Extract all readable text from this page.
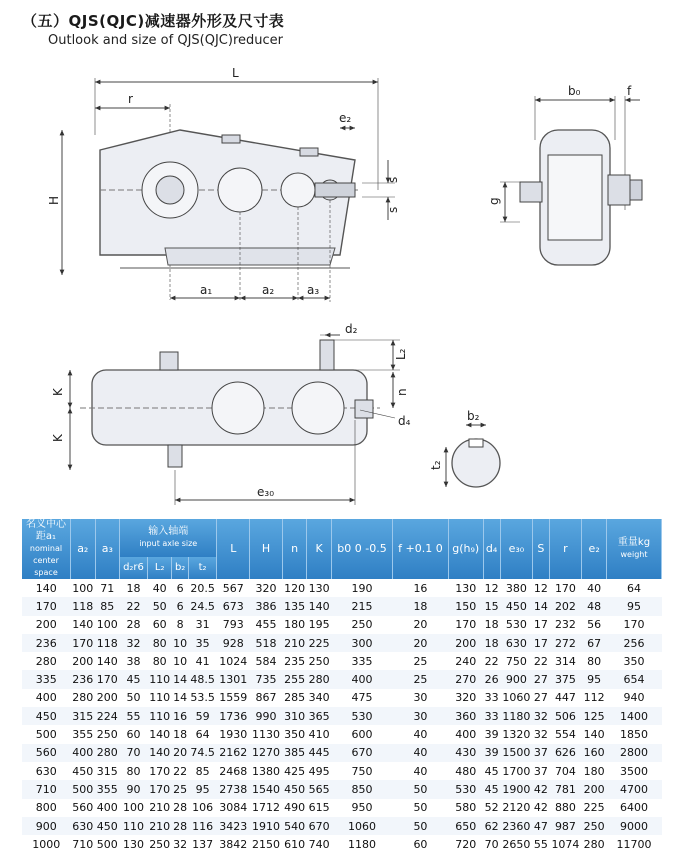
（五）QJS(QJC)减速器外形及尺寸表
Outlook and size of QJS(QJC)reducer
L
r
e₂
H
s
s
a₁	a₂	a₃
b₀	f
g
d₂
L₂
n
K
K
d₄
e₃₀
b₂
t₂
名义中心距a₁
nominal center space	a₂	a₃	输入轴端
input axle size				L	H	n	K	b0 0 -0.5	f +0.1 0	g(h₉)	d₄	e₃₀	S	r	e₂	重量kg
weight

			d₂r6	L₂	b₂	t₂													
140	100	71	18	40	6	20.5	567	320	120	130	190	16	130	12	380	12	170	40	64
170	118	85	22	50	6	24.5	673	386	135	140	215	18	150	15	450	14	202	48	95
200	140	100	28	60	8	31	793	455	180	195	250	20	170	18	530	17	232	56	170
236	170	118	32	80	10	35	928	518	210	225	300	20	200	18	630	17	272	67	256
280	200	140	38	80	10	41	1024	584	235	250	335	25	240	22	750	22	314	80	350
335	236	170	45	110	14	48.5	1301	735	255	280	400	25	270	26	900	27	375	95	654
400	280	200	50	110	14	53.5	1559	867	285	340	475	30	320	33	1060	27	447	112	940
450	315	224	55	110	16	59	1736	990	310	365	530	30	360	33	1180	32	506	125	1400
500	355	250	60	140	18	64	1930	1130	350	410	600	40	400	39	1320	32	554	140	1850
560	400	280	70	140	20	74.5	2162	1270	385	445	670	40	430	39	1500	37	626	160	2800
630	450	315	80	170	22	85	2468	1380	425	495	750	40	480	45	1700	37	704	180	3500
710	500	355	90	170	25	95	2738	1540	450	565	850	50	530	45	1900	42	781	200	4700
800	560	400	100	210	28	106	3084	1712	490	615	950	50	580	52	2120	42	880	225	6400
900	630	450	110	210	28	116	3423	1910	540	670	1060	50	650	62	2360	47	987	250	9000
1000	710	500	130	250	32	137	3842	2150	610	740	1180	60	720	70	2650	55	1074	280	11700
